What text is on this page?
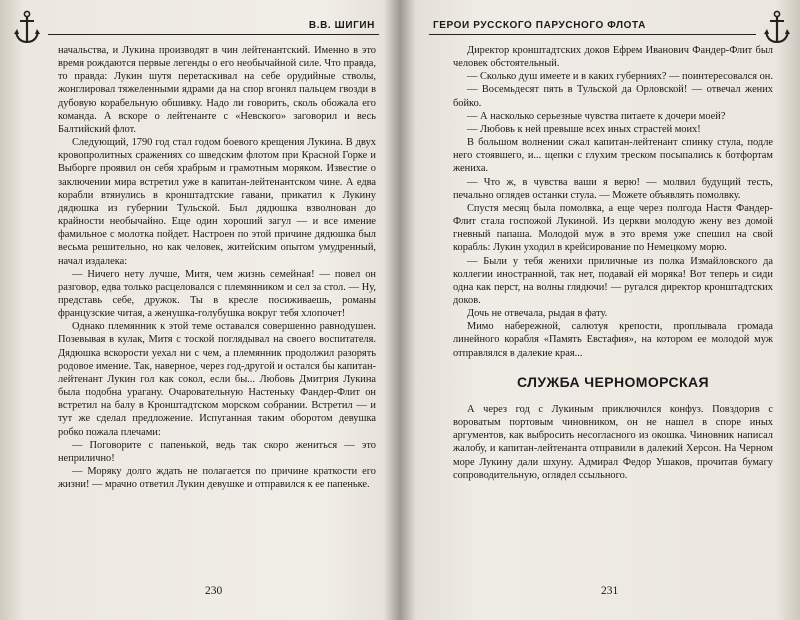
В.В. ШИГИН

начальства, и Лукина производят в чин лейтенантский. Именно в это время рождаются первые легенды о его необычайной силе. Что правда, то правда: Лукин шутя перетаскивал на себе орудийные стволы, жонглировал тяжеленными ядрами да на спор вгонял пальцем гвозди в дубовую корабельную обшивку. Надо ли говорить, сколь обожала его команда. А вскоре о лейтенанте с «Невского» заговорил и весь Балтийский флот.

Следующий, 1790 год стал годом боевого крещения Лукина. В двух кровопролитных сражениях со шведским флотом при Красной Горке и Выборге проявил он себя храбрым и грамотным моряком. Известие о заключении мира встретил уже в капитан-лейтенантском чине. А едва корабли втянулись в кронштадтские гавани, прикатил к Лукину дядюшка из губернии Тульской. Был дядюшка взволнован до крайности необычайно. Еще один хороший загул — и все имение фамильное с молотка пойдет. Настроен по этой причине дядюшка был весьма решительно, но как человек, житейским опытом умудренный, начал издалека:

— Ничего нету лучше, Митя, чем жизнь семейная! — повел он разговор, едва только расцеловался с племянником и сел за стол. — Ну, представь себе, дружок. Ты в кресле посиживаешь, романы французские читая, а женушка-голубушка вокруг тебя хлопочет!

Однако племянник к этой теме оставался совершенно равнодушен. Позевывая в кулак, Митя с тоской поглядывал на своего воспитателя. Дядюшка вскорости уехал ни с чем, а племянник продолжил разорять родовое имение. Так, наверное, через год-другой и остался бы капитан-лейтенант Лукин гол как сокол, если бы... Любовь Дмитрия Лукина была подобна урагану. Очаровательную Настеньку Фандер-Флит он встретил на балу в Кронштадтском морском собрании. Встретил — и тут же сделал предложение. Испуганная таким оборотом девушка робко пожала плечами:

— Поговорите с папенькой, ведь так скоро жениться — это неприлично!

— Моряку долго ждать не полагается по причине краткости его жизни! — мрачно ответил Лукин девушке и отправился к ее папеньке.

230
ГЕРОИ РУССКОГО ПАРУСНОГО ФЛОТА

Директор кронштадтских доков Ефрем Иванович Фандер-Флит был человек обстоятельный.

— Сколько душ имеете и в каких губерниях? — поинтересовался он.

— Восемьдесят пять в Тульской да Орловской! — отвечал жених бойко.

— А насколько серьезные чувства питаете к дочери моей?

— Любовь к ней превыше всех иных страстей моих!

В большом волнении сжал капитан-лейтенант спинку стула, подле него стоявшего, и... щепки с глухим треском посыпались к ботфортам жениха.

— Что ж, в чувства ваши я верю! — молвил будущий тесть, печально оглядев останки стула. — Можете объявлять помолвку.

Спустя месяц была помолвка, а еще через полгода Настя Фандер-Флит стала госпожой Лукиной. Из церкви молодую жену вез домой гневный папаша. Молодой муж в это время уже спешил на свой корабль: Лукин уходил в крейсирование по Немецкому морю.

— Были у тебя женихи приличные из полка Измайловского да коллегии иностранной, так нет, подавай ей моряка! Вот теперь и сиди одна как перст, на волны глядючи! — ругался директор кронштадтских доков.

Дочь не отвечала, рыдая в фату.

Мимо набережной, салютуя крепости, проплывала громада линейного корабля «Память Евстафия», на котором ее молодой муж отправлялся в далекие края...

СЛУЖБА ЧЕРНОМОРСКАЯ

А через год с Лукиным приключился конфуз. Повздорив с вороватым портовым чиновником, он не нашел в споре иных аргументов, как выбросить несогласного из окошка. Чиновник написал жалобу, и капитан-лейтенанта отправили в далекий Херсон. На Черном море Лукину дали шхуну. Адмирал Федор Ушаков, прочитав бумагу сопроводительную, оглядел ссыльного.

231
